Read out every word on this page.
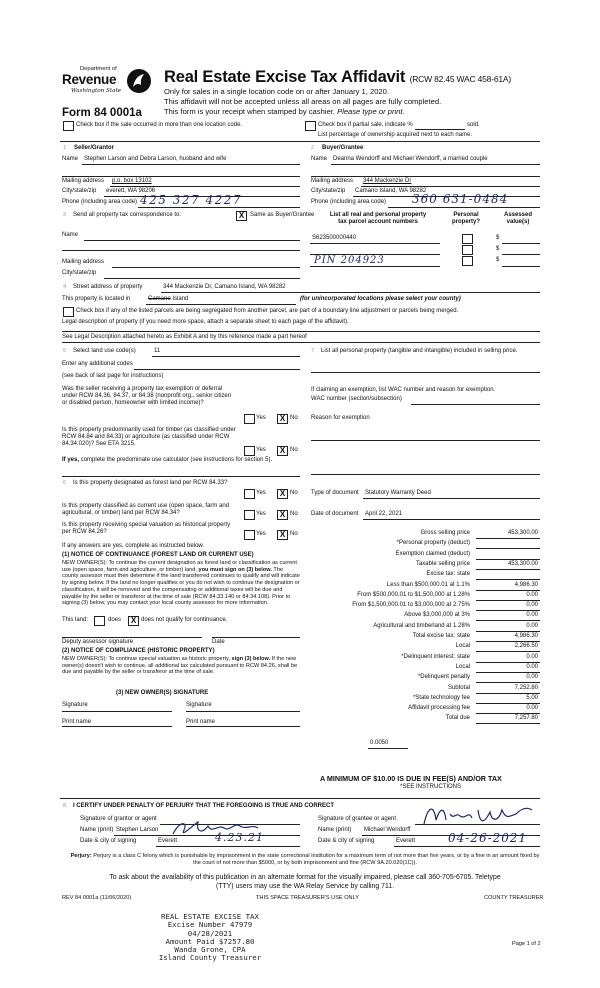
Department of
Revenue
Washington State
Form 84 0001a
Real Estate Excise Tax Affidavit (RCW 82.45 WAC 458-61A)
Only for sales in a single location code on or after January 1, 2020.
This affidavit will not be accepted unless all areas on all pages are fully completed.
This form is your receipt when stamped by cashier. Please type or print.
Check box if the sale occurred in more than one location code.	Check box if partial sale, indicate %	sold.
List percentage of ownership acquired next to each name.
1 Seller/Grantor
Name Stephen Larson and Debra Larson, husband and wife
Mailing address p.o. box 13102
City/state/zip everett, WA 98206
Phone (including area code) 425 327 4227
2 Buyer/Grantee
Name Deanna Wendorff and Michael Wendorff, a married couple
Mailing address 344 Mackenzie Dr
City/state/zip Camano Island, WA 98282
Phone (including area code) 360 631-0484
3 Send all property tax correspondence to:	X Same as Buyer/Grantee
Name
Mailing address
City/state/zip
List all real and personal property
tax parcel account numbers
Personal
property?
Assessed
value(s)
S623500000440	$
$
PIN 204923	$
4 Street address of property	344 Mackenzie Dr, Camano Island, WA 98282
This property is located in	Camano Island	(for unincorporated locations please select your county)
Check box if any of the listed parcels are being segregated from another parcel, are part of a boundary line adjustment or parcels being merged.
Legal description of property (if you need more space, attach a separate sheet to each page of the affidavit).
See Legal Description attached hereto as Exhibit A and by this reference made a part hereof
5 Select land use code(s)	11
Enter any additional codes
(see back of last page for instructions)
Was the seller receiving a property tax exemption or deferral under RCW 84.36, 84.37, or 84.38 (nonprofit org., senior citizen or disabled person, homeowner with limited income)?
Yes	X No
Is this property predominantly used for timber (as classified under RCW 84.84 and 84.33) or agriculture (as classified under RCW 84.34.020)? See ETA 3215.
Yes	X No
If yes, complete the predominate use calculator (see instructions for section 5).
6 Is this property designated as forest land per RCW 84.33?
Yes	X No
Is this property classified as current use (open space, farm and agricultural, or timber) land per RCW 84.34?	Yes	X No
Is this property receiving special valuation as historical property per RCW 84.26?	Yes	X No
If any answers are yes, complete as instructed below.
(1) NOTICE OF CONTINUANCE (FOREST LAND OR CURRENT USE)
NEW OWNER(S): To continue the current designation as forest land or classification as current use (open space, farm and agriculture, or timber) land, you must sign on (3) below. The county assessor must then determine if the land transferred continues to qualify and will indicate by signing below. If the land no longer qualifies or you do not wish to continue the designation or classification, it will be removed and the compensating or additional taxes will be due and payable by the seller or transferor at the time of sale (RCW 84.33.140 or 84.34.108). Prior to signing (3) below, you may contact your local county assessor for more information.
This land:	does	X does not qualify for continuance.
Deputy assessor signature	Date
(2) NOTICE OF COMPLIANCE (HISTORIC PROPERTY)
NEW OWNER(S): To continue special valuation as historic property, sign (3) below. If the new owner(s) doesn't wish to continue, all additional tax calculated pursuant to RCW 84.26, shall be due and payable by the seller or transferor at the time of sale.
(3) NEW OWNER(S) SIGNATURE
Signature	Signature
Print name	Print name
7 List all personal property (tangible and intangible) included in selling price.
If claiming an exemption, list WAC number and reason for exemption.
WAC number (section/subsection)
Reason for exemption
Type of document Statutory Warranty Deed
Date of document April 22, 2021
Gross selling price	453,300.00
*Personal property (deduct)
Exemption claimed (deduct)
Taxable selling price	453,300.00
Excise tax: state
Less than $500,000.01 at 1.1%	4,986.30
From $500,000.01 to $1,500,000 at 1.28%	0.00
From $1,500,000.01 to $3,000,000 at 2.75%	0.00
Above $3,000,000 at 3%	0.00
Agricultural and timberland at 1.28%	0.00
Total excise tax: state	4,986.30
Local	2,266.50
*Delinquent interest: state	0.00
Local	0.00
*Delinquent penalty	0.00
Subtotal	7,252.80
*State technology fee	5.00
Affidavit processing fee	0.00
Total due	7,257.80
0.0050
A MINIMUM OF $10.00 IS DUE IN FEE(S) AND/OR TAX
*SEE INSTRUCTIONS
8 I CERTIFY UNDER PENALTY OF PERJURY THAT THE FOREGOING IS TRUE AND CORRECT
Signature of grantor or agent
Name (print) Stephen Larson
Date & city of signing	Everett	4.23.21
Signature of grantee or agent
Name (print) Michael Wendorff
Date & city of signing	Everett	04-26-2021
Perjury: Perjury is a class C felony which is punishable by imprisonment in the state correctional institution for a maximum term of not more than five years, or by a fine in an amount fixed by the court of not more than $5000, or by both imprisonment and fine (RCW 9A.20.020(1C)).
To ask about the availability of this publication in an alternate format for the visually impaired, please call 360-705-6705. Teletype
(TTY) users may use the WA Relay Service by calling 711.
REV 84 0001a (11/06/2020)	THIS SPACE TREASURER'S USE ONLY	COUNTY TREASURER
REAL ESTATE EXCISE TAX
Excise Number 47979
04/28/2021
Amount Paid $7257.80
Wanda Grone, CPA
Island County Treasurer
Page 1 of 2
